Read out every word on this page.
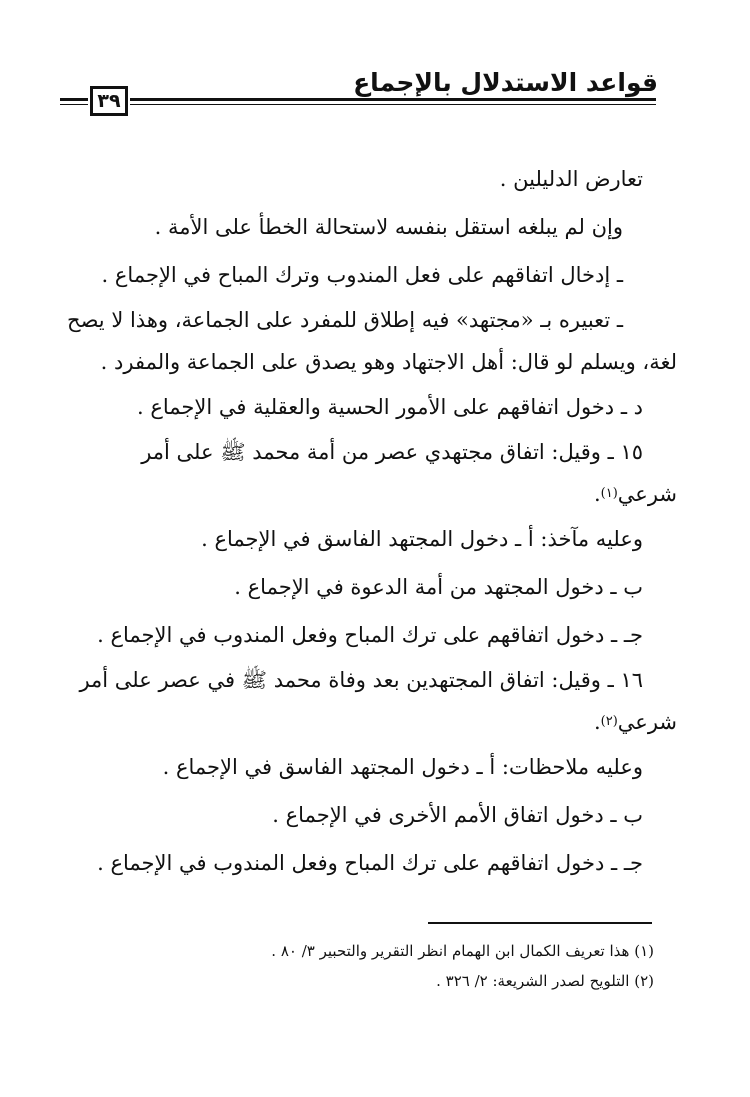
قواعد الاستدلال بالإجماع
٣٩
تعارض الدليلين .
وإن لم يبلغه استقل بنفسه لاستحالة الخطأ على الأمة .
ـ إدخال اتفاقهم على فعل المندوب وترك المباح في الإجماع .
ـ تعبيره بـ «مجتهد» فيه إطلاق للمفرد على الجماعة، وهذا لا يصح
لغة، ويسلم لو قال: أهل الاجتهاد وهو يصدق على الجماعة والمفرد .
د ـ دخول اتفاقهم على الأمور الحسية والعقلية في الإجماع .
١٥ ـ وقيل: اتفاق مجتهدي عصر من أمة محمد ﷺ على أمر
شرعي
(١)
.
وعليه مآخذ: أ ـ دخول المجتهد الفاسق في الإجماع .
ب ـ دخول المجتهد من أمة الدعوة في الإجماع .
جـ ـ دخول اتفاقهم على ترك المباح وفعل المندوب في الإجماع .
١٦ ـ وقيل: اتفاق المجتهدين بعد وفاة محمد ﷺ في عصر على أمر
شرعي
(٢)
.
وعليه ملاحظات: أ ـ دخول المجتهد الفاسق في الإجماع .
ب ـ دخول اتفاق الأمم الأخرى في الإجماع .
جـ ـ دخول اتفاقهم على ترك المباح وفعل المندوب في الإجماع .
(١) هذا تعريف الكمال ابن الهمام انظر التقرير والتحبير ٣/ ٨٠ .
(٢) التلويح لصدر الشريعة: ٢/ ٣٢٦ .
